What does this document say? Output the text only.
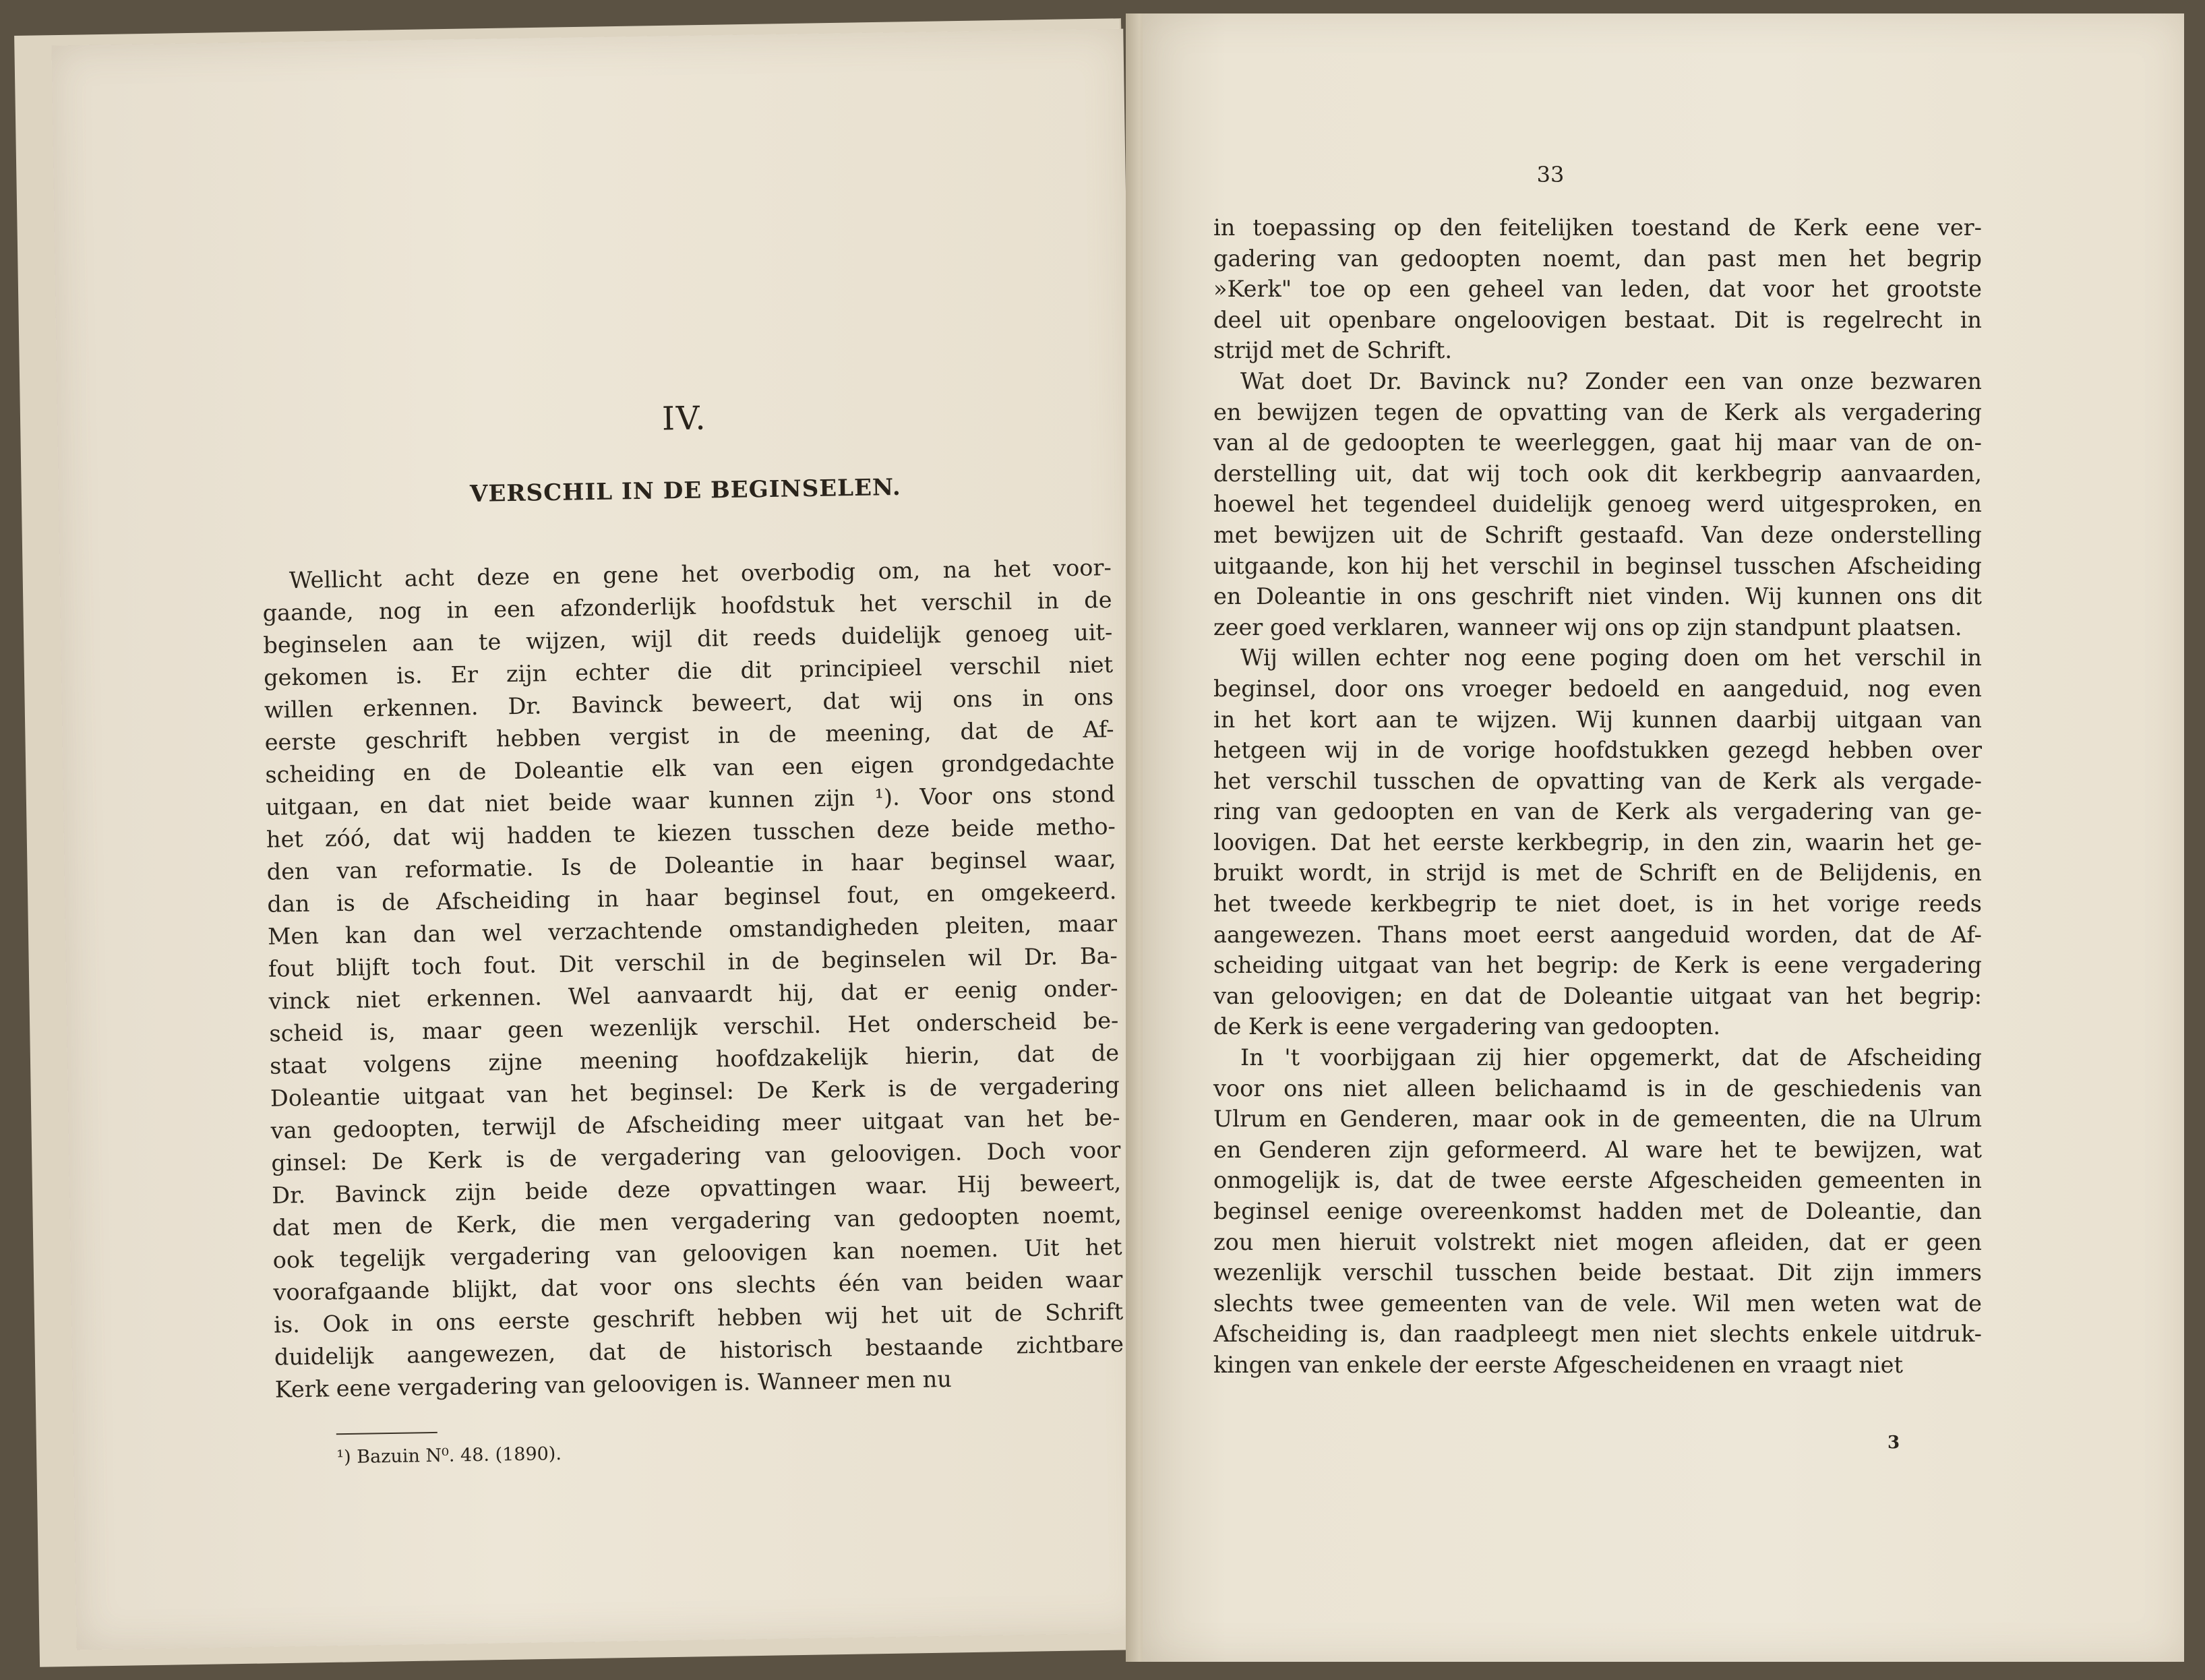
IV.
VERSCHIL IN DE BEGINSELEN.
Wellicht acht deze en gene het overbodig om, na het voor-
gaande, nog in een afzonderlijk hoofdstuk het verschil in de
beginselen aan te wijzen, wijl dit reeds duidelijk genoeg uit-
gekomen is. Er zijn echter die dit principieel verschil niet
willen erkennen. Dr. Bavinck beweert, dat wij ons in ons
eerste geschrift hebben vergist in de meening, dat de Af-
scheiding en de Doleantie elk van een eigen grondgedachte
uitgaan, en dat niet beide waar kunnen zijn ¹). Voor ons stond
het zóó, dat wij hadden te kiezen tusschen deze beide metho-
den van reformatie. Is de Doleantie in haar beginsel waar,
dan is de Afscheiding in haar beginsel fout, en omgekeerd.
Men kan dan wel verzachtende omstandigheden pleiten, maar
fout blijft toch fout. Dit verschil in de beginselen wil Dr. Ba-
vinck niet erkennen. Wel aanvaardt hij, dat er eenig onder-
scheid is, maar geen wezenlijk verschil. Het onderscheid be-
staat volgens zijne meening hoofdzakelijk hierin, dat de
Doleantie uitgaat van het beginsel: De Kerk is de vergadering
van gedoopten, terwijl de Afscheiding meer uitgaat van het be-
ginsel: De Kerk is de vergadering van geloovigen. Doch voor
Dr. Bavinck zijn beide deze opvattingen waar. Hij beweert,
dat men de Kerk, die men vergadering van gedoopten noemt,
ook tegelijk vergadering van geloovigen kan noemen. Uit het
voorafgaande blijkt, dat voor ons slechts één van beiden waar
is. Ook in ons eerste geschrift hebben wij het uit de Schrift
duidelijk aangewezen, dat de historisch bestaande zichtbare
Kerk eene vergadering van geloovigen is. Wanneer men nu
¹) Bazuin N⁰. 48. (1890).
33
in toepassing op den feitelijken toestand de Kerk eene ver-
gadering van gedoopten noemt, dan past men het begrip
»Kerk" toe op een geheel van leden, dat voor het grootste
deel uit openbare ongeloovigen bestaat. Dit is regelrecht in
strijd met de Schrift.
Wat doet Dr. Bavinck nu? Zonder een van onze bezwaren
en bewijzen tegen de opvatting van de Kerk als vergadering
van al de gedoopten te weerleggen, gaat hij maar van de on-
derstelling uit, dat wij toch ook dit kerkbegrip aanvaarden,
hoewel het tegendeel duidelijk genoeg werd uitgesproken, en
met bewijzen uit de Schrift gestaafd. Van deze onderstelling
uitgaande, kon hij het verschil in beginsel tusschen Afscheiding
en Doleantie in ons geschrift niet vinden. Wij kunnen ons dit
zeer goed verklaren, wanneer wij ons op zijn standpunt plaatsen.
Wij willen echter nog eene poging doen om het verschil in
beginsel, door ons vroeger bedoeld en aangeduid, nog even
in het kort aan te wijzen. Wij kunnen daarbij uitgaan van
hetgeen wij in de vorige hoofdstukken gezegd hebben over
het verschil tusschen de opvatting van de Kerk als vergade-
ring van gedoopten en van de Kerk als vergadering van ge-
loovigen. Dat het eerste kerkbegrip, in den zin, waarin het ge-
bruikt wordt, in strijd is met de Schrift en de Belijdenis, en
het tweede kerkbegrip te niet doet, is in het vorige reeds
aangewezen. Thans moet eerst aangeduid worden, dat de Af-
scheiding uitgaat van het begrip: de Kerk is eene vergadering
van geloovigen; en dat de Doleantie uitgaat van het begrip:
de Kerk is eene vergadering van gedoopten.
In 't voorbijgaan zij hier opgemerkt, dat de Afscheiding
voor ons niet alleen belichaamd is in de geschiedenis van
Ulrum en Genderen, maar ook in de gemeenten, die na Ulrum
en Genderen zijn geformeerd. Al ware het te bewijzen, wat
onmogelijk is, dat de twee eerste Afgescheiden gemeenten in
beginsel eenige overeenkomst hadden met de Doleantie, dan
zou men hieruit volstrekt niet mogen afleiden, dat er geen
wezenlijk verschil tusschen beide bestaat. Dit zijn immers
slechts twee gemeenten van de vele. Wil men weten wat de
Afscheiding is, dan raadpleegt men niet slechts enkele uitdruk-
kingen van enkele der eerste Afgescheidenen en vraagt niet
3
